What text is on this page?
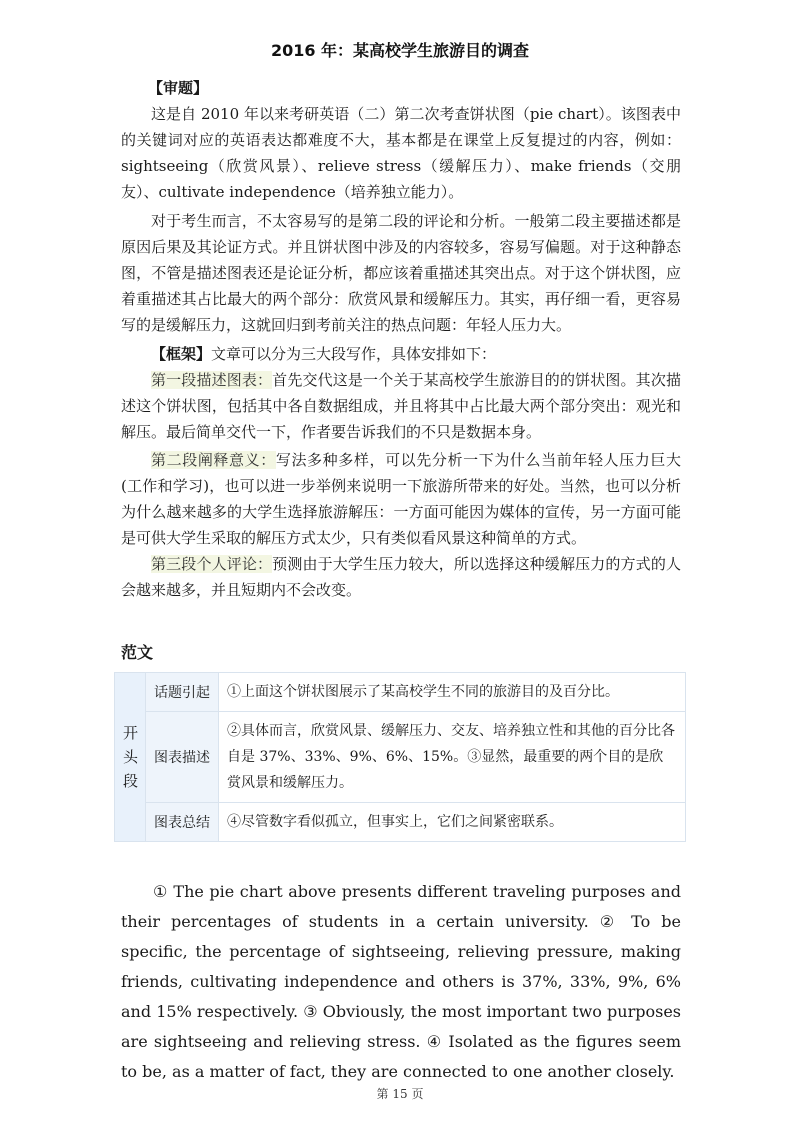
2016 年：某高校学生旅游目的调查
【审题】

这是自 2010 年以来考研英语（二）第二次考查饼状图（pie chart）。该图表中的关键词对应的英语表达都难度不大，基本都是在课堂上反复提过的内容，例如：sightseeing（欣赏风景）、relieve stress（缓解压力）、make friends（交朋友）、cultivate independence（培养独立能力）。

对于考生而言，不太容易写的是第二段的评论和分析。一般第二段主要描述都是原因后果及其论证方式。并且饼状图中涉及的内容较多，容易写偏题。对于这种静态图，不管是描述图表还是论证分析，都应该着重描述其突出点。对于这个饼状图，应着重描述其占比最大的两个部分：欣赏风景和缓解压力。其实，再仔细一看，更容易写的是缓解压力，这就回归到考前关注的热点问题：年轻人压力大。

【框架】文章可以分为三大段写作，具体安排如下：

第一段描述图表：首先交代这是一个关于某高校学生旅游目的的饼状图。其次描述这个饼状图，包括其中各自数据组成，并且将其中占比最大两个部分突出：观光和解压。最后简单交代一下，作者要告诉我们的不只是数据本身。

第二段阐释意义：写法多种多样，可以先分析一下为什么当前年轻人压力巨大(工作和学习)，也可以进一步举例来说明一下旅游所带来的好处。当然，也可以分析为什么越来越多的大学生选择旅游解压：一方面可能因为媒体的宣传，另一方面可能是可供大学生采取的解压方式太少，只有类似看风景这种简单的方式。

第三段个人评论：预测由于大学生压力较大，所以选择这种缓解压力的方式的人会越来越多，并且短期内不会改变。

范文
开头段	话题引起	①上面这个饼状图展示了某高校学生不同的旅游目的及百分比。
	图表描述	②具体而言，欣赏风景、缓解压力、交友、培养独立性和其他的百分比各自是 37%、33%、9%、6%、15%。③显然，最重要的两个目的是欣赏风景和缓解压力。
	图表总结	④尽管数字看似孤立，但事实上，它们之间紧密联系。

① The pie chart above presents different traveling purposes and their percentages of students in a certain university. ② To be specific, the percentage of sightseeing, relieving pressure, making friends, cultivating independence and others is 37%, 33%, 9%, 6% and 15% respectively. ③ Obviously, the most important two purposes are sightseeing and relieving stress. ④ Isolated as the figures seem to be, as a matter of fact, they are connected to one another closely.

第 15 页
